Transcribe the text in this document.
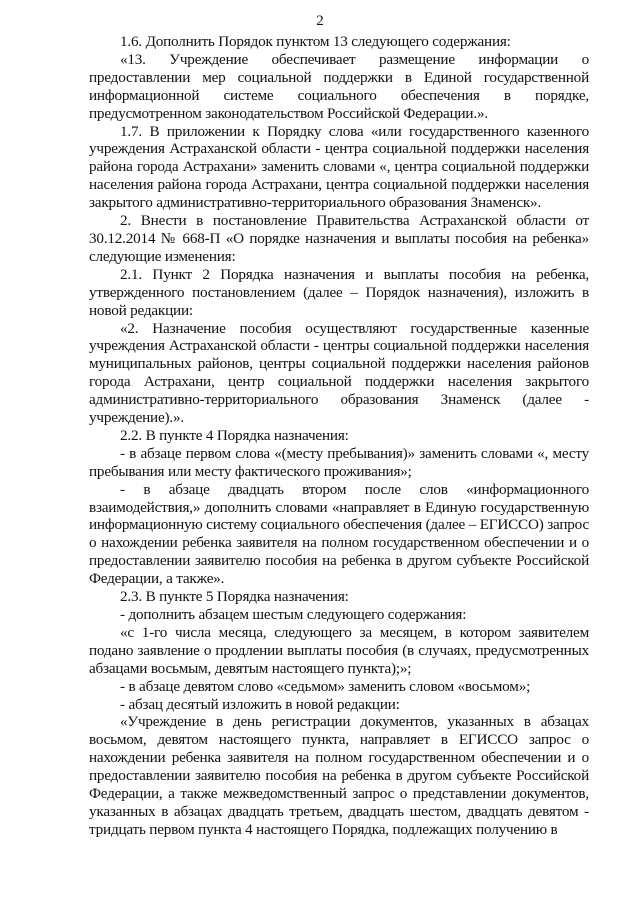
2

1.6. Дополнить Порядок пунктом 13 следующего содержания:

«13. Учреждение обеспечивает размещение информации о предоставлении мер социальной поддержки в Единой государственной информационной системе социального обеспечения в порядке, предусмотренном законодательством Российской Федерации.».

1.7. В приложении к Порядку слова «или государственного казенного учреждения Астраханской области - центра социальной поддержки населения района города Астрахани» заменить словами «, центра социальной поддержки населения района города Астрахани, центра социальной поддержки населения закрытого административно-территориального образования Знаменск».

2. Внести в постановление Правительства Астраханской области от 30.12.2014 № 668-П «О порядке назначения и выплаты пособия на ребенка» следующие изменения:

2.1. Пункт 2 Порядка назначения и выплаты пособия на ребенка, утвержденного постановлением (далее – Порядок назначения), изложить в новой редакции:

«2. Назначение пособия осуществляют государственные казенные учреждения Астраханской области - центры социальной поддержки населения муниципальных районов, центры социальной поддержки населения районов города Астрахани, центр социальной поддержки населения закрытого административно-территориального образования Знаменск (далее - учреждение).».

2.2. В пункте 4 Порядка назначения:

- в абзаце первом слова «(месту пребывания)» заменить словами «, месту пребывания или месту фактического проживания»;

- в абзаце двадцать втором после слов «информационного взаимодействия,» дополнить словами «направляет в Единую государственную информационную систему социального обеспечения (далее – ЕГИССО) запрос о нахождении ребенка заявителя на полном государственном обеспечении и о предоставлении заявителю пособия на ребенка в другом субъекте Российской Федерации, а также».

2.3. В пункте 5 Порядка назначения:

- дополнить абзацем шестым следующего содержания:

«с 1-го числа месяца, следующего за месяцем, в котором заявителем подано заявление о продлении выплаты пособия (в случаях, предусмотренных абзацами восьмым, девятым настоящего пункта);»;

- в абзаце девятом слово «седьмом» заменить словом «восьмом»;

- абзац десятый изложить в новой редакции:

«Учреждение в день регистрации документов, указанных в абзацах восьмом, девятом настоящего пункта, направляет в ЕГИССО запрос о нахождении ребенка заявителя на полном государственном обеспечении и о предоставлении заявителю пособия на ребенка в другом субъекте Российской Федерации, а также межведомственный запрос о представлении документов, указанных в абзацах двадцать третьем, двадцать шестом, двадцать девятом - тридцать первом пункта 4 настоящего Порядка, подлежащих получению в
